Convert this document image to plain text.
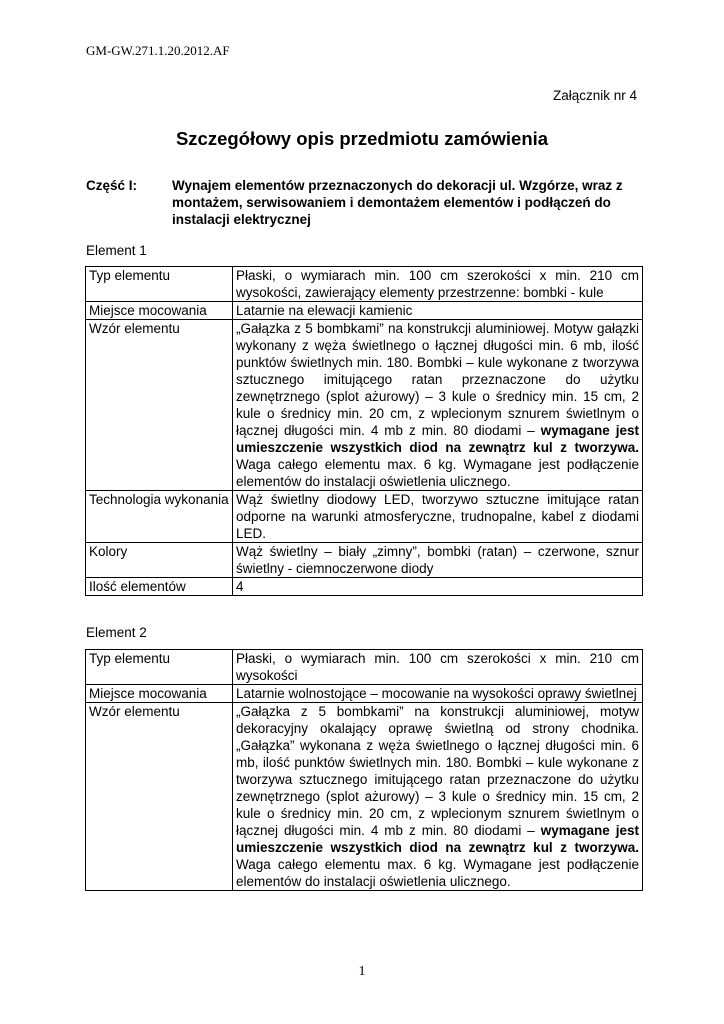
GM-GW.271.1.20.2012.AF
Załącznik nr 4
Szczegółowy opis przedmiotu zamówienia
Część I:	Wynajem elementów przeznaczonych do dekoracji ul. Wzgórze, wraz z montażem, serwisowaniem i demontażem elementów i podłączeń do instalacji elektrycznej
Element 1
Typ elementu	Płaski, o wymiarach min. 100 cm szerokości x min. 210 cm wysokości, zawierający elementy przestrzenne: bombki - kule
Miejsce mocowania	Latarnie na elewacji kamienic
Wzór elementu	„Gałązka z 5 bombkami” na konstrukcji aluminiowej. Motyw gałązki wykonany z węża świetlnego o łącznej długości min. 6 mb, ilość punktów świetlnych min. 180. Bombki – kule wykonane z tworzywa sztucznego imitującego ratan przeznaczone do użytku zewnętrznego (splot ażurowy) – 3 kule o średnicy min. 15 cm, 2 kule o średnicy min. 20 cm, z wplecionym sznurem świetlnym o łącznej długości min. 4 mb z min. 80 diodami – wymagane jest umieszczenie wszystkich diod na zewnątrz kul z tworzywa. Waga całego elementu max. 6 kg. Wymagane jest podłączenie elementów do instalacji oświetlenia ulicznego.
Technologia wykonania	Wąż świetlny diodowy LED, tworzywo sztuczne imitujące ratan odporne na warunki atmosferyczne, trudnopalne, kabel z diodami LED.
Kolory	Wąż świetlny – biały „zimny”, bombki (ratan) – czerwone, sznur świetlny - ciemnoczerwone diody
Ilość elementów	4
Element 2
Typ elementu	Płaski, o wymiarach min. 100 cm szerokości x min. 210 cm wysokości
Miejsce mocowania	Latarnie wolnostojące – mocowanie na wysokości oprawy świetlnej
Wzór elementu	„Gałązka z 5 bombkami” na konstrukcji aluminiowej, motyw dekoracyjny okalający oprawę świetlną od strony chodnika. „Gałązka” wykonana z węża świetlnego o łącznej długości min. 6 mb, ilość punktów świetlnych min. 180. Bombki – kule wykonane z tworzywa sztucznego imitującego ratan przeznaczone do użytku zewnętrznego (splot ażurowy) – 3 kule o średnicy min. 15 cm, 2 kule o średnicy min. 20 cm, z wplecionym sznurem świetlnym o łącznej długości min. 4 mb z min. 80 diodami – wymagane jest umieszczenie wszystkich diod na zewnątrz kul z tworzywa. Waga całego elementu max. 6 kg. Wymagane jest podłączenie elementów do instalacji oświetlenia ulicznego.
1
